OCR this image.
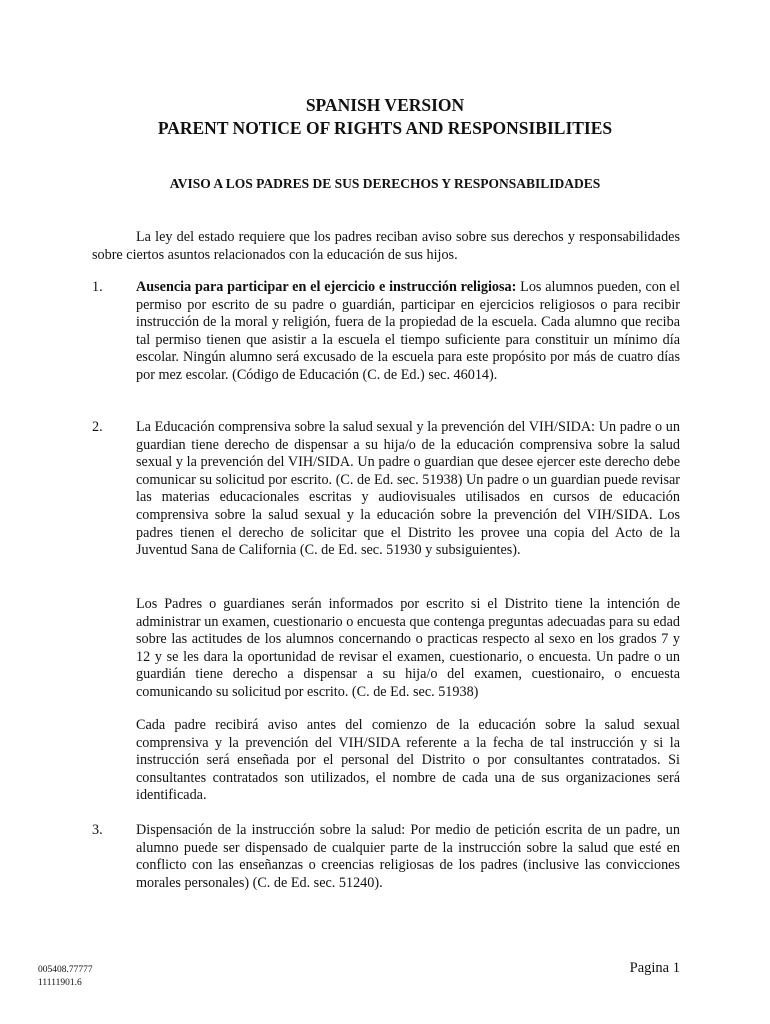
SPANISH VERSION
PARENT NOTICE OF RIGHTS AND RESPONSIBILITIES
AVISO A LOS PADRES DE SUS DERECHOS Y RESPONSABILIDADES
La ley del estado requiere que los padres reciban aviso sobre sus derechos y responsabilidades sobre ciertos asuntos relacionados con la educación de sus hijos.
1. Ausencia para participar en el ejercicio e instrucción religiosa: Los alumnos pueden, con el permiso por escrito de su padre o guardián, participar en ejercicios religiosos o para recibir instrucción de la moral y religión, fuera de la propiedad de la escuela. Cada alumno que reciba tal permiso tienen que asistir a la escuela el tiempo suficiente para constituir un mínimo día escolar. Ningún alumno será excusado de la escuela para este propósito por más de cuatro días por mez escolar. (Código de Educación (C. de Ed.) sec. 46014).
2. La Educación comprensiva sobre la salud sexual y la prevención del VIH/SIDA: Un padre o un guardian tiene derecho de dispensar a su hija/o de la educación comprensiva sobre la salud sexual y la prevención del VIH/SIDA. Un padre o guardian que desee ejercer este derecho debe comunicar su solicitud por escrito. (C. de Ed. sec. 51938) Un padre o un guardian puede revisar las materias educacionales escritas y audiovisuales utilisados en cursos de educación comprensiva sobre la salud sexual y la educación sobre la prevención del VIH/SIDA. Los padres tienen el derecho de solicitar que el Distrito les provee una copia del Acto de la Juventud Sana de California (C. de Ed. sec. 51930 y subsiguientes).
Los Padres o guardianes serán informados por escrito si el Distrito tiene la intención de administrar un examen, cuestionario o encuesta que contenga preguntas adecuadas para su edad sobre las actitudes de los alumnos concernando o practicas respecto al sexo en los grados 7 y 12 y se les dara la oportunidad de revisar el examen, cuestionario, o encuesta. Un padre o un guardián tiene derecho a dispensar a su hija/o del examen, cuestionairo, o encuesta comunicando su solicitud por escrito. (C. de Ed. sec. 51938)
Cada padre recibirá aviso antes del comienzo de la educación sobre la salud sexual comprensiva y la prevención del VIH/SIDA referente a la fecha de tal instrucción y si la instrucción será enseñada por el personal del Distrito o por consultantes contratados. Si consultantes contratados son utilizados, el nombre de cada una de sus organizaciones será identificada.
3. Dispensación de la instrucción sobre la salud: Por medio de petición escrita de un padre, un alumno puede ser dispensado de cualquier parte de la instrucción sobre la salud que esté en conflicto con las enseñanzas o creencias religiosas de los padres (inclusive las convicciones morales personales) (C. de Ed. sec. 51240).
005408.77777
11111901.6
Pagina 1
